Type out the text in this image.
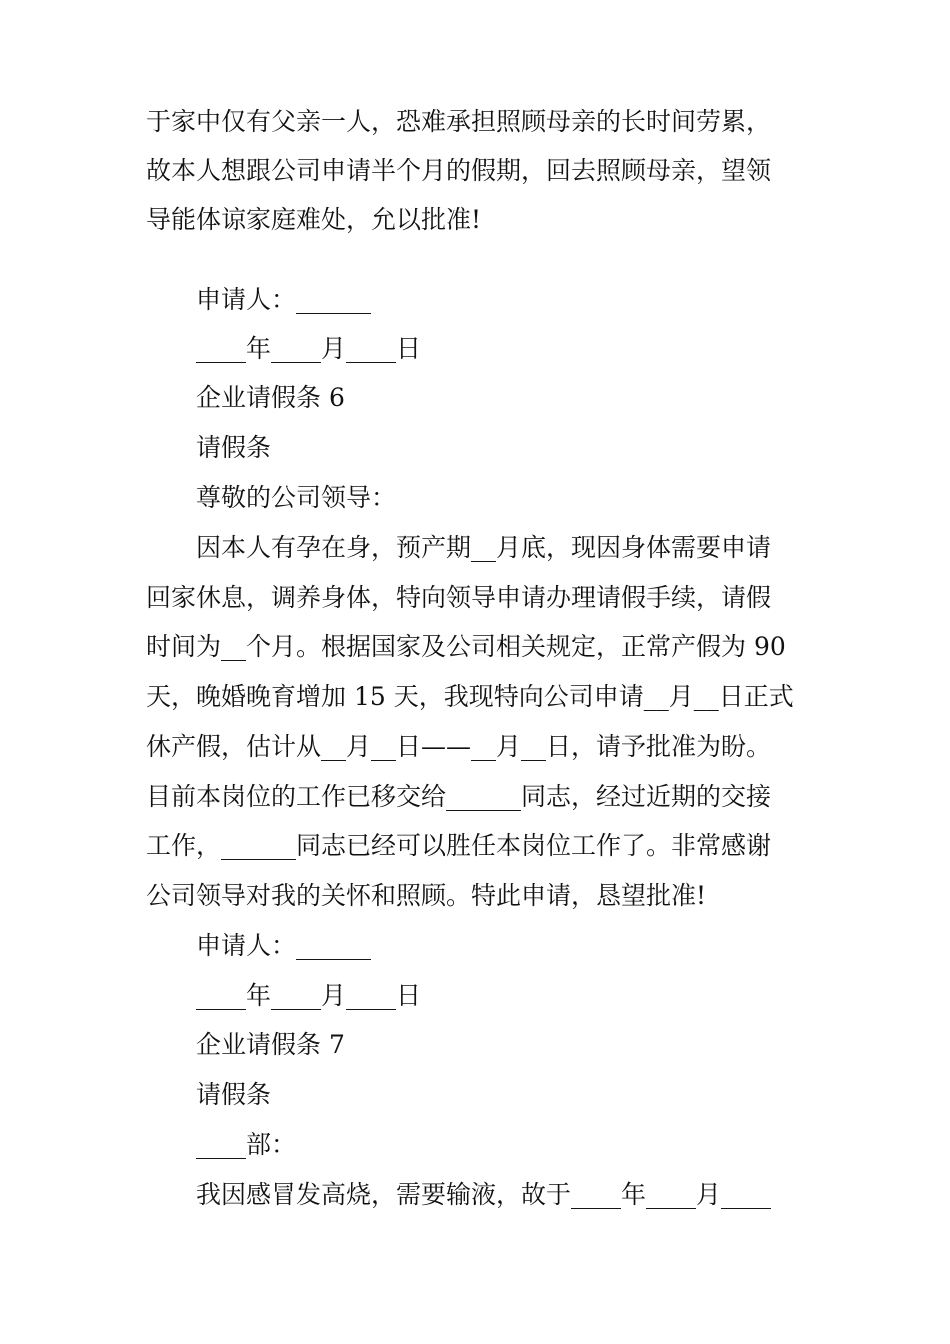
于家中仅有父亲一人，恐难承担照顾母亲的长时间劳累，
故本人想跟公司申请半个月的假期，回去照顾母亲，望领
导能体谅家庭难处，允以批准!
申请人：______
____年____月____日
企业请假条 6
请假条
尊敬的公司领导：
因本人有孕在身，预产期__月底，现因身体需要申请
回家休息，调养身体，特向领导申请办理请假手续，请假
时间为__个月。根据国家及公司相关规定，正常产假为 90
天，晚婚晚育增加 15 天，我现特向公司申请__月__日正式
休产假，估计从__月__日——__月__日，请予批准为盼。
目前本岗位的工作已移交给______同志，经过近期的交接
工作，______同志已经可以胜任本岗位工作了。非常感谢
公司领导对我的关怀和照顾。特此申请，恳望批准!
申请人：______
____年____月____日
企业请假条 7
请假条
____部：
我因感冒发高烧，需要输液，故于____年____月____
